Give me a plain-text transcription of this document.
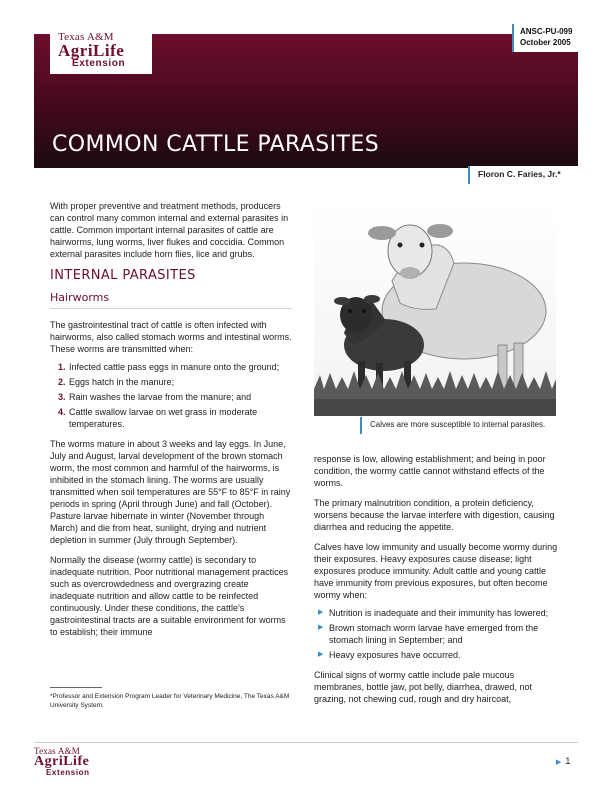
Texas A&M
AgriLife
Extension
ANSC-PU-099
October 2005
COMMON CATTLE PARASITES
Floron C. Faries, Jr.*

With proper preventive and treatment methods, producers can control many common internal and external parasites in cattle. Common important internal parasites of cattle are hairworms, lung worms, liver flukes and coccidia. Common external parasites include horn flies, lice and grubs.

INTERNAL PARASITES
Hairworms

The gastrointestinal tract of cattle is often infected with hairworms, also called stomach worms and intestinal worms. These worms are transmitted when:

1. Infected cattle pass eggs in manure onto the ground;
2. Eggs hatch in the manure;
3. Rain washes the larvae from the manure; and
4. Cattle swallow larvae on wet grass in moderate temperatures.

The worms mature in about 3 weeks and lay eggs. In June, July and August, larval development of the brown stomach worm, the most common and harmful of the hairworms, is inhibited in the stomach lining. The worms are usually transmitted when soil temperatures are 55°F to 85°F in rainy periods in spring (April through June) and fall (October). Pasture larvae hibernate in winter (November through March) and die from heat, sunlight, drying and nutrient depletion in summer (July through September).

Normally the disease (wormy cattle) is secondary to inadequate nutrition. Poor nutritional management practices such as overcrowdedness and overgrazing create inadequate nutrition and allow cattle to be reinfected continuously. Under these conditions, the cattle’s gastrointestinal tracts are a suitable environment for worms to establish; their immune

*Professor and Extension Program Leader for Veterinary Medicine, The Texas A&M University System.
Calves are more susceptible to internal parasites.

response is low, allowing establishment; and being in poor condition, the wormy cattle cannot withstand effects of the worms.

The primary malnutrition condition, a protein deficiency, worsens because the larvae interfere with digestion, causing diarrhea and reducing the appetite.

Calves have low immunity and usually become wormy during their exposures. Heavy exposures cause disease; light exposures produce immunity. Adult cattle and young cattle have immunity from previous exposures, but often become wormy when:

▶ Nutrition is inadequate and their immunity has lowered;
▶ Brown stomach worm larvae have emerged from the stomach lining in September; and
▶ Heavy exposures have occurred.

Clinical signs of wormy cattle include pale mucous membranes, bottle jaw, pot belly, diarrhea, drawed, not grazing, not chewing cud, rough and dry haircoat,

Texas A&M
AgriLife
Extension
▶ 1
